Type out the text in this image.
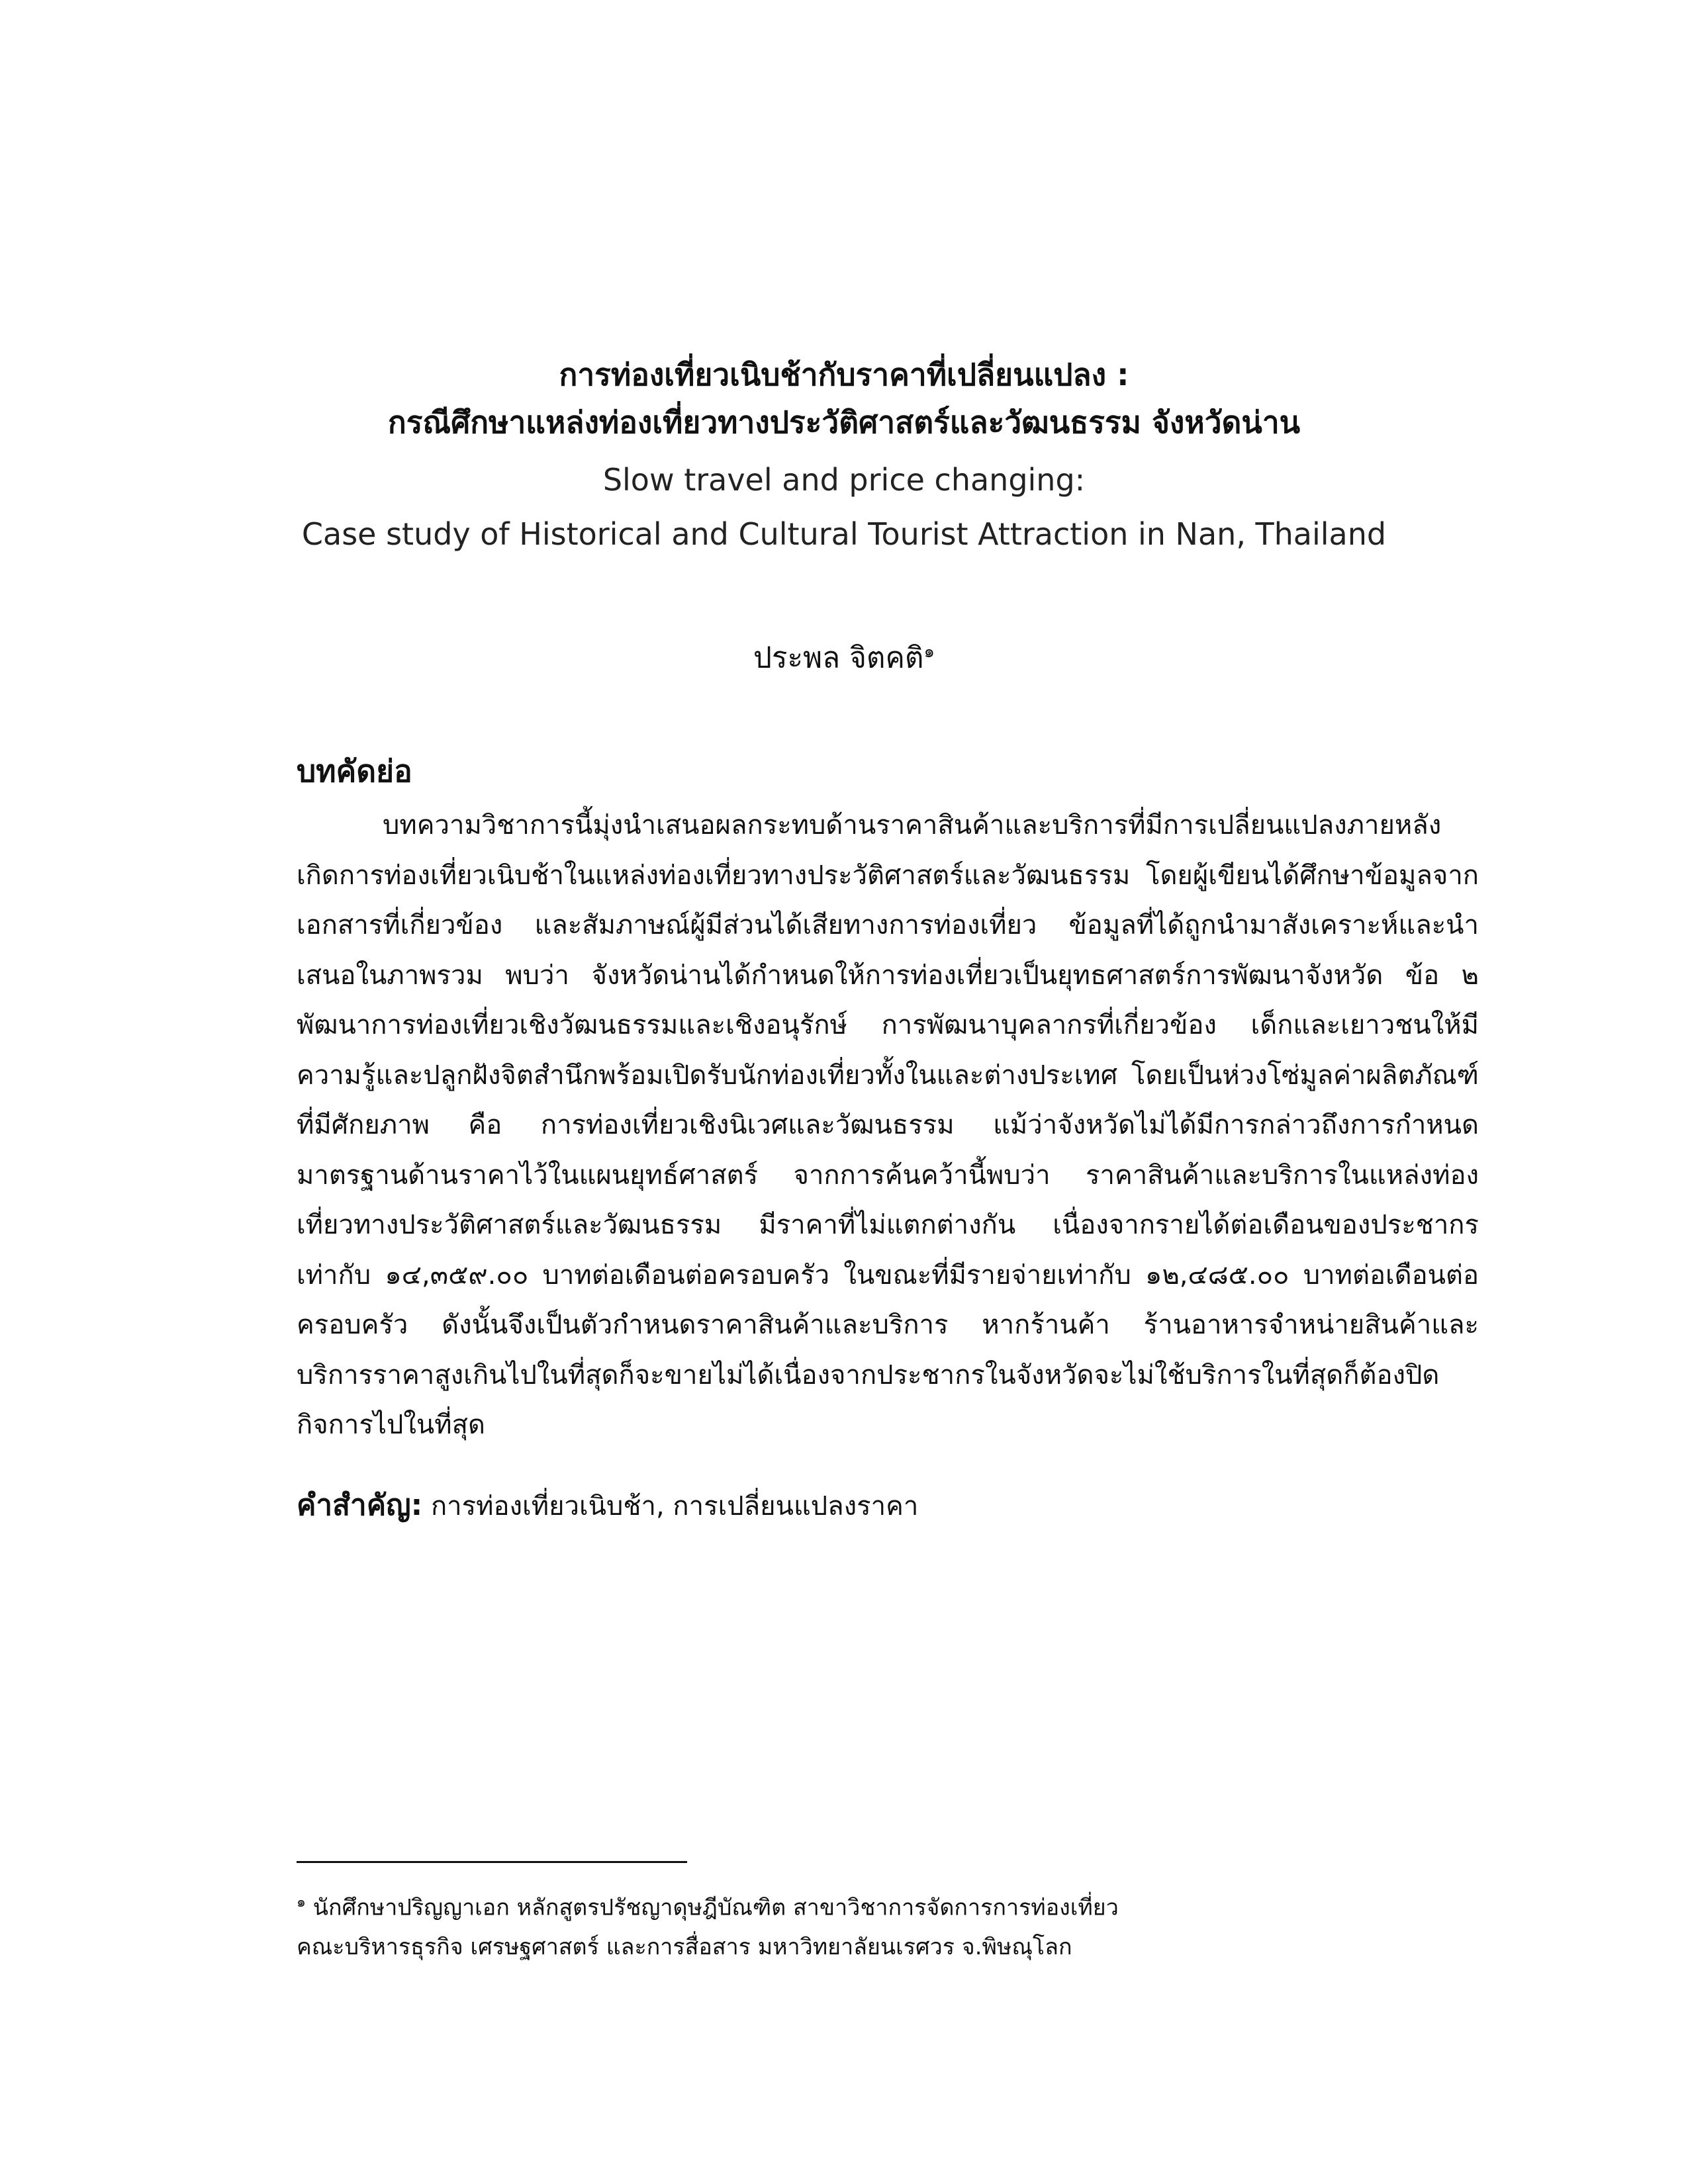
การท่องเที่ยวเนิบช้ากับราคาที่เปลี่ยนแปลง :

กรณีศึกษาแหล่งท่องเที่ยวทางประวัติศาสตร์และวัฒนธรรม จังหวัดน่าน

Slow travel and price changing:

Case study of Historical and Cultural Tourist Attraction in Nan, Thailand

ประพล จิตคติ$^๑$
บทคัดย่อ

บทความวิชาการนี้มุ่งนำเสนอผลกระทบด้านราคาสินค้าและบริการที่มีการเปลี่ยนแปลงภายหลังเกิดการท่องเที่ยวเนิบช้าในแหล่งท่องเที่ยวทางประวัติศาสตร์และวัฒนธรรม โดยผู้เขียนได้ศึกษาข้อมูลจากเอกสารที่เกี่ยวข้อง และสัมภาษณ์ผู้มีส่วนได้เสียทางการท่องเที่ยว ข้อมูลที่ได้ถูกนำมาสังเคราะห์และนำเสนอในภาพรวม พบว่า จังหวัดน่านได้กำหนดให้การท่องเที่ยวเป็นยุทธศาสตร์การพัฒนาจังหวัด ข้อ ๒ พัฒนาการท่องเที่ยวเชิงวัฒนธรรมและเชิงอนุรักษ์ การพัฒนาบุคลากรที่เกี่ยวข้อง เด็กและเยาวชนให้มีความรู้และปลูกฝังจิตสำนึกพร้อมเปิดรับนักท่องเที่ยวทั้งในและต่างประเทศ โดยเป็นห่วงโซ่มูลค่าผลิตภัณฑ์ที่มีศักยภาพ คือ การท่องเที่ยวเชิงนิเวศและวัฒนธรรม แม้ว่าจังหวัดไม่ได้มีการกล่าวถึงการกำหนดมาตรฐานด้านราคาไว้ในแผนยุทธ์ศาสตร์ จากการค้นคว้านี้พบว่า ราคาสินค้าและบริการในแหล่งท่องเที่ยวทางประวัติศาสตร์และวัฒนธรรม มีราคาที่ไม่แตกต่างกัน เนื่องจากรายได้ต่อเดือนของประชากรเท่ากับ ๑๔,๓๕๙.๐๐ บาทต่อเดือนต่อครอบครัว ในขณะที่มีรายจ่ายเท่ากับ ๑๒,๔๘๕.๐๐ บาทต่อเดือนต่อครอบครัว ดังนั้นจึงเป็นตัวกำหนดราคาสินค้าและบริการ หากร้านค้า ร้านอาหารจำหน่ายสินค้าและบริการราคาสูงเกินไปในที่สุดก็จะขายไม่ได้เนื่องจากประชากรในจังหวัดจะไม่ใช้บริการในที่สุดก็ต้องปิดกิจการไปในที่สุด

คำสำคัญ: การท่องเที่ยวเนิบช้า, การเปลี่ยนแปลงราคา

$^๑$ นักศึกษาปริญญาเอก หลักสูตรปรัชญาดุษฎีบัณฑิต สาขาวิชาการจัดการการท่องเที่ยว
คณะบริหารธุรกิจ เศรษฐศาสตร์ และการสื่อสาร มหาวิทยาลัยนเรศวร จ.พิษณุโลก
